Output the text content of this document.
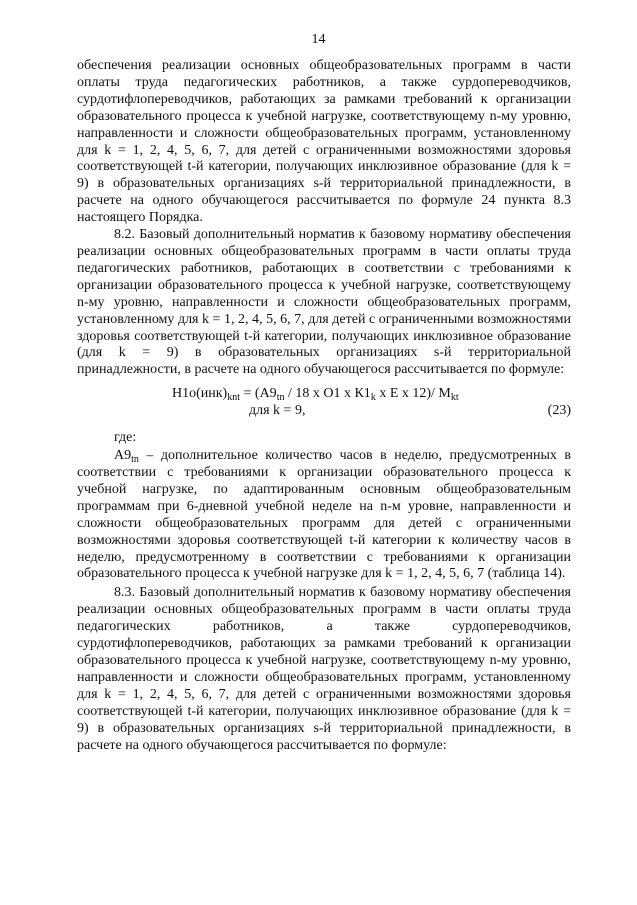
14

обеспечения реализации основных общеобразовательных программ в части оплаты труда педагогических работников, а также сурдопереводчиков, сурдотифлопереводчиков, работающих за рамками требований к организации образовательного процесса к учебной нагрузке, соответствующему n-му уровню, направленности и сложности общеобразовательных программ, установленному для k = 1, 2, 4, 5, 6, 7, для детей с ограниченными возможностями здоровья соответствующей t-й категории, получающих инклюзивное образование (для k = 9) в образовательных организациях s-й территориальной принадлежности, в расчете на одного обучающегося рассчитывается по формуле 24 пункта 8.3 настоящего Порядка.

8.2. Базовый дополнительный норматив к базовому нормативу обеспечения реализации основных общеобразовательных программ в части оплаты труда педагогических работников, работающих в соответствии с требованиями к организации образовательного процесса к учебной нагрузке, соответствующему n-му уровню, направленности и сложности общеобразовательных программ, установленному для k = 1, 2, 4, 5, 6, 7, для детей с ограниченными возможностями здоровья соответствующей t-й категории, получающих инклюзивное образование (для k = 9) в образовательных организациях s-й территориальной принадлежности, в расчете на одного обучающегося рассчитывается по формуле:

$Н1о(инк)_{knt} = (А9_{tn} / 18$ х О1 х $К1_k$ х Е х 12)/ $М_{kt}$
для k = 9,	(23)

где:

$А9_{tn}$ – дополнительное количество часов в неделю, предусмотренных в соответствии с требованиями к организации образовательного процесса к учебной нагрузке, по адаптированным основным общеобразовательным программам при 6-дневной учебной неделе на n-м уровне, направленности и сложности общеобразовательных программ для детей с ограниченными возможностями здоровья соответствующей t-й категории к количеству часов в неделю, предусмотренному в соответствии с требованиями к организации образовательного процесса к учебной нагрузке для k = 1, 2, 4, 5, 6, 7 (таблица 14).

8.3. Базовый дополнительный норматив к базовому нормативу обеспечения реализации основных общеобразовательных программ в части оплаты труда педагогических работников, а также сурдопереводчиков, сурдотифлопереводчиков, работающих за рамками требований к организации образовательного процесса к учебной нагрузке, соответствующему n-му уровню, направленности и сложности общеобразовательных программ, установленному для k = 1, 2, 4, 5, 6, 7, для детей с ограниченными возможностями здоровья соответствующей t-й категории, получающих инклюзивное образование (для k = 9) в образовательных организациях s-й территориальной принадлежности, в расчете на одного обучающегося рассчитывается по формуле:
